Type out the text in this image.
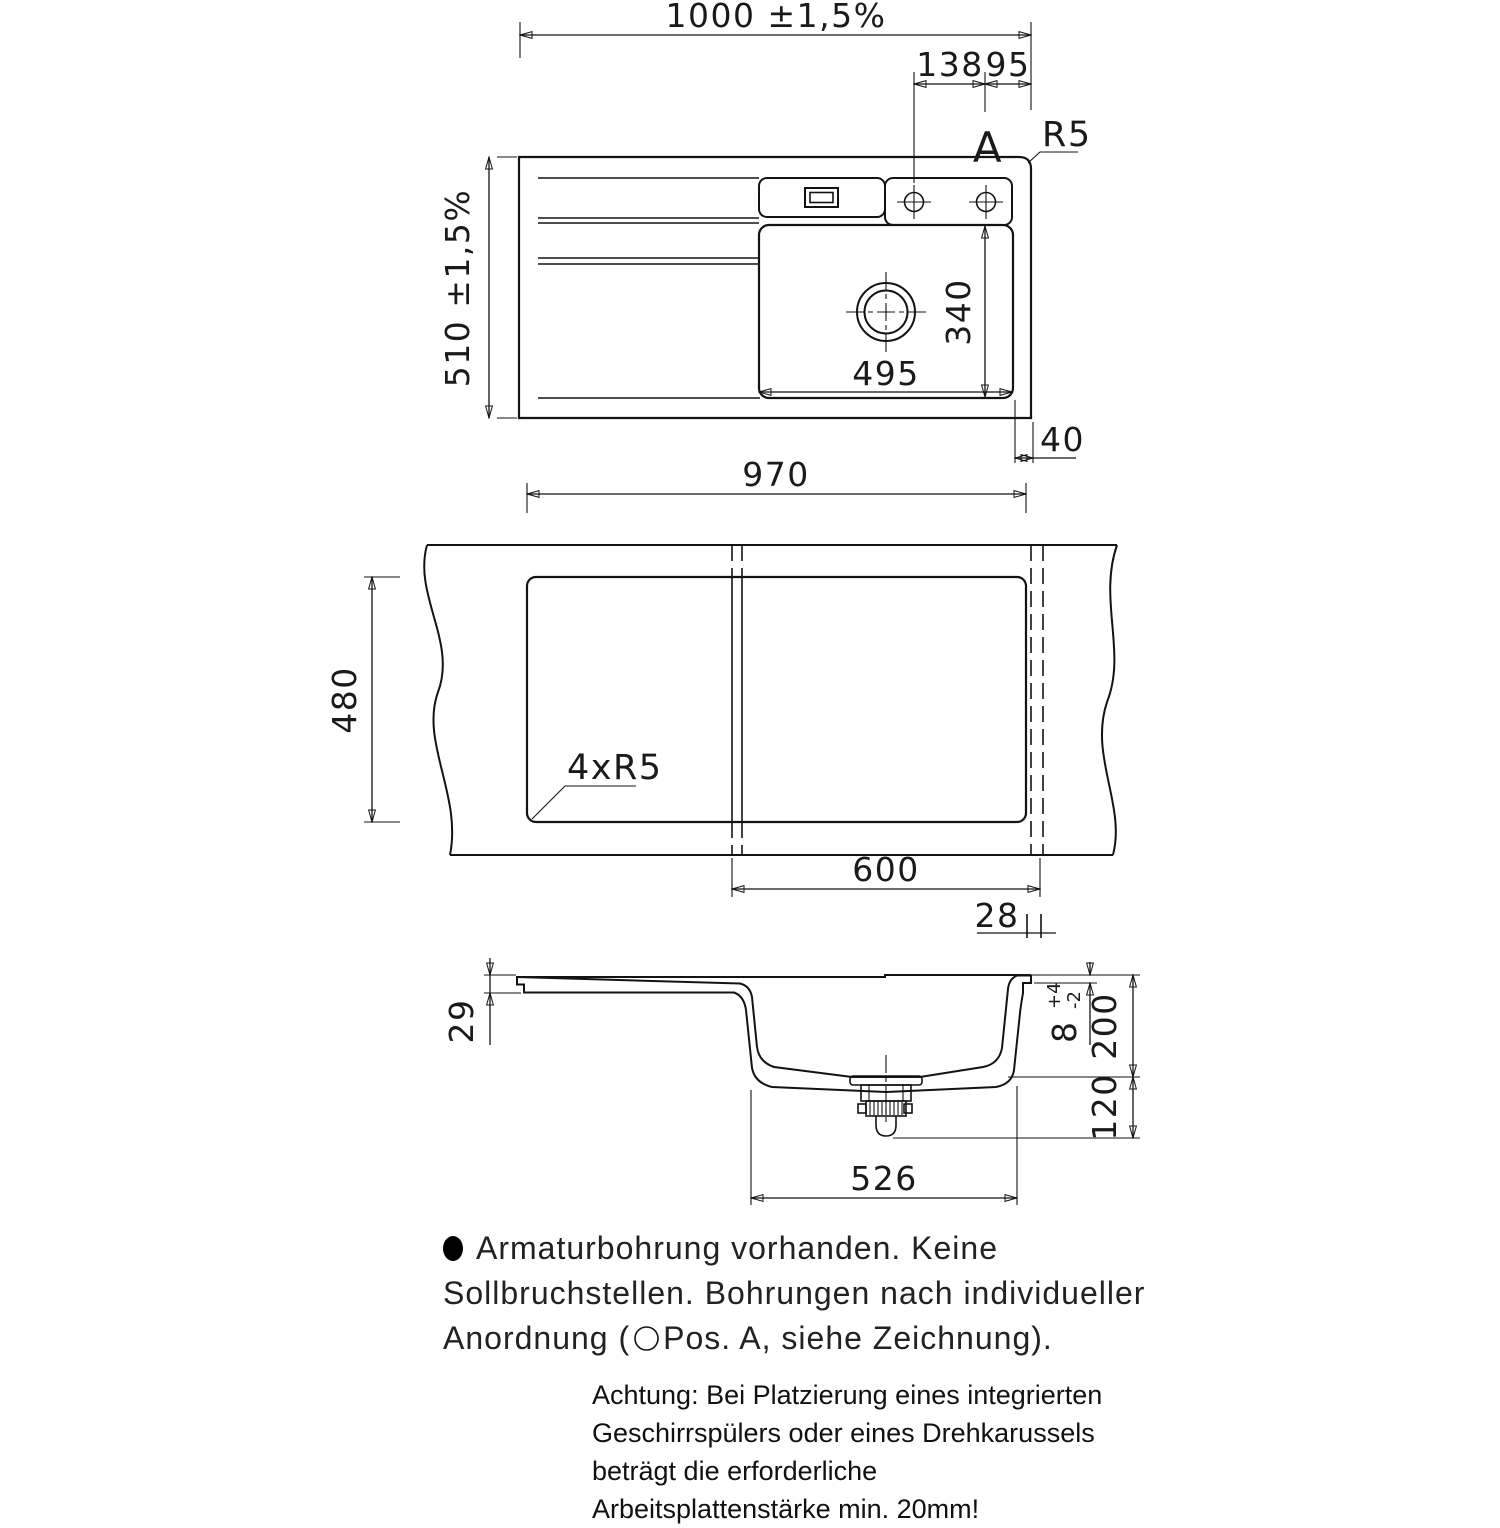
1000 ±1,5%
138 95
A R5
510 ±1,5%	495
340
40
970
480
4xR5
600
28
29	8
+4 -2 200
120
526
Armaturbohrung vorhanden. Keine
Sollbruchstellen. Bohrungen nach individueller
Anordnung ( Pos. A, siehe Zeichnung).
Achtung: Bei Platzierung eines integrierten
Geschirrspülers oder eines Drehkarussels
beträgt die erforderliche
Arbeitsplattenstärke min. 20mm!
